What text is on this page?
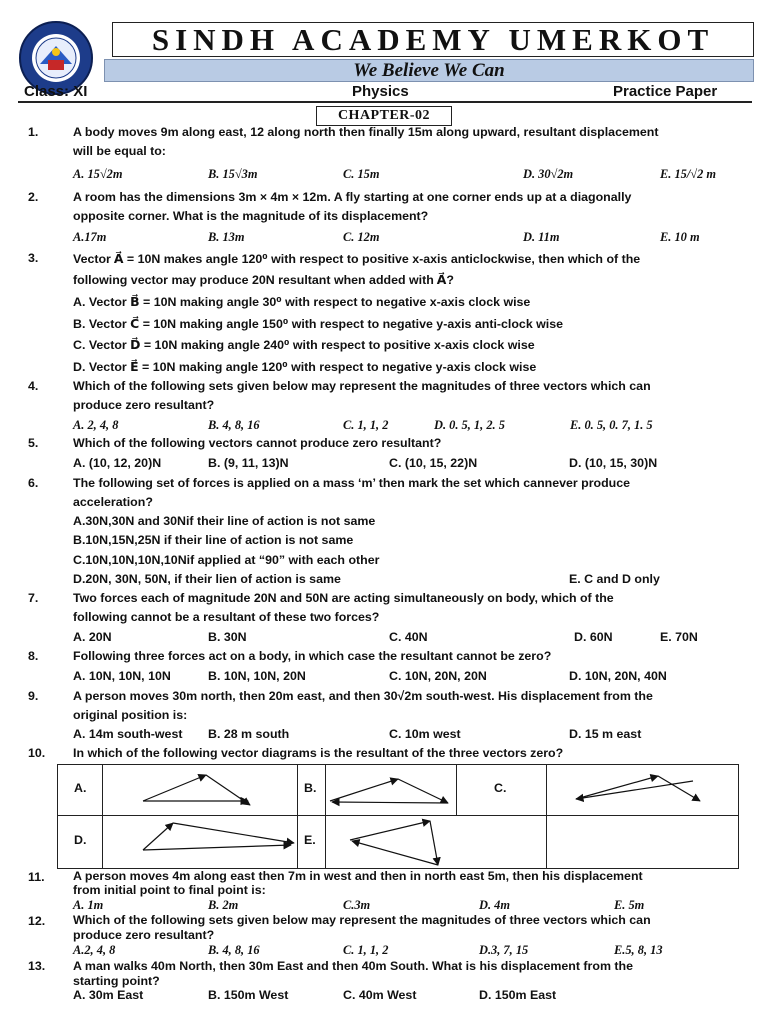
SINDH ACADEMY UMERKOT
We Believe We Can
Class: XI	Physics	Practice Paper
CHAPTER-02
1.	A body moves 9m along east, 12 along north then finally 15m along upward, resultant displacement
will be equal to:
A. 15√2m	B. 15√3m	C. 15m	D. 30√2m	E. 15/√2 m
2.	A room has the dimensions 3m × 4m × 12m. A fly starting at one corner ends up at a diagonally
opposite corner. What is the magnitude of its displacement?
A.17m	B. 13m	C. 12m	D. 11m	E. 10 m
3.	Vector A⃗ = 10N makes angle 120⁰ with respect to positive x-axis anticlockwise, then which of the
following vector may produce 20N resultant when added with A⃗?
A. Vector B⃗ = 10N making angle 30⁰ with respect to negative x-axis clock wise
B. Vector C⃗ = 10N making angle 150⁰ with respect to negative y-axis anti-clock wise
C. Vector D⃗ = 10N making angle 240⁰ with respect to positive x-axis clock wise
D. Vector E⃗ = 10N making angle 120⁰ with respect to negative y-axis clock wise
4.	Which of the following sets given below may represent the magnitudes of three vectors which can
produce zero resultant?
A. 2, 4, 8	B. 4, 8, 16	C. 1, 1, 2	D. 0. 5, 1, 2. 5	E. 0. 5, 0. 7, 1. 5
5.	Which of the following vectors cannot produce zero resultant?
A. (10, 12, 20)N	B. (9, 11, 13)N	C. (10, 15, 22)N	D. (10, 15, 30)N
6.	The following set of forces is applied on a mass ‘m’ then mark the set which cannever produce
acceleration?
A.30N,30N and 30Nif their line of action is not same
B.10N,15N,25N if their line of action is not same
C.10N,10N,10N,10Nif applied at “90” with each other
D.20N, 30N, 50N, if their lien of action is same	E. C and D only
7.	Two forces each of magnitude 20N and 50N are acting simultaneously on body, which of the
following cannot be a resultant of these two forces?
A. 20N	B. 30N	C. 40N	D. 60N	E. 70N
8.	Following three forces act on a body, in which case the resultant cannot be zero?
A. 10N, 10N, 10N	B. 10N, 10N, 20N	C. 10N, 20N, 20N	D. 10N, 20N, 40N
9.	A person moves 30m north, then 20m east, and then 30√2m south-west. His displacement from the
original position is:
A. 14m south-west B. 28 m south	C. 10m west	D. 15 m east
10. In which of the following vector diagrams is the resultant of the three vectors zero?
A.	B.	C.
D.	E.
11. A person moves 4m along east then 7m in west and then in north east 5m, then his displacement
from initial point to final point is:
A. 1m	B. 2m	C.3m	D. 4m	E. 5m
12. Which of the following sets given below may represent the magnitudes of three vectors which can
produce zero resultant?
A.2, 4, 8	B. 4, 8, 16	C. 1, 1, 2	D.3, 7, 15	E.5, 8, 13
13. A man walks 40m North, then 30m East and then 40m South. What is his displacement from the
starting point?
A. 30m East	B. 150m West	C. 40m West	D. 150m East
